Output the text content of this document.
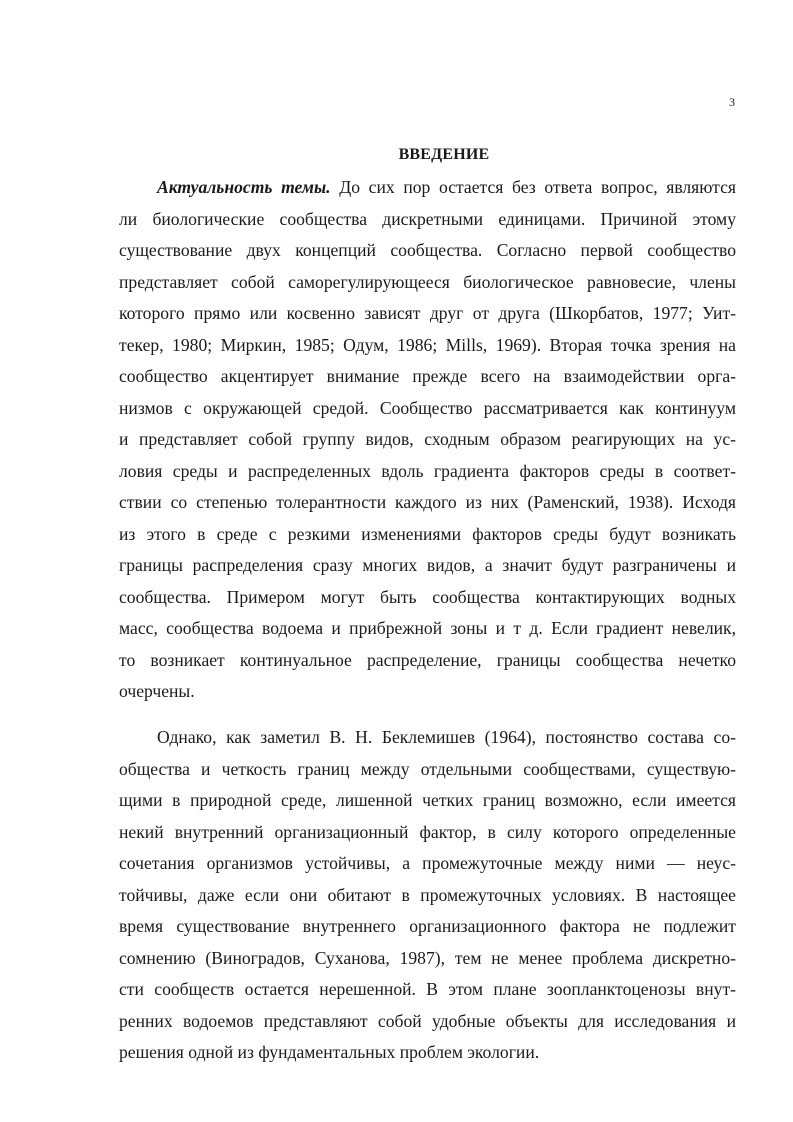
3
ВВЕДЕНИЕ
Актуальность темы. До сих пор остается без ответа вопрос, являются
ли биологические сообщества дискретными единицами. Причиной этому
существование двух концепций сообщества. Согласно первой сообщество
представляет собой саморегулирующееся биологическое равновесие, члены
которого прямо или косвенно зависят друг от друга (Шкорбатов, 1977; Уит-
текер, 1980; Миркин, 1985; Одум, 1986; Mills, 1969). Вторая точка зрения на
сообщество акцентирует внимание прежде всего на взаимодействии орга-
низмов с окружающей средой. Сообщество рассматривается как континуум
и представляет собой группу видов, сходным образом реагирующих на ус-
ловия среды и распределенных вдоль градиента факторов среды в соответ-
ствии со степенью толерантности каждого из них (Раменский, 1938). Исходя
из этого в среде с резкими изменениями факторов среды будут возникать
границы распределения сразу многих видов, а значит будут разграничены и
сообщества. Примером могут быть сообщества контактирующих водных
масс, сообщества водоема и прибрежной зоны и т д. Если градиент невелик,
то возникает континуальное распределение, границы сообщества нечетко
очерчены.
Однако, как заметил В. Н. Беклемишев (1964), постоянство состава со-
общества и четкость границ между отдельными сообществами, существую-
щими в природной среде, лишенной четких границ возможно, если имеется
некий внутренний организационный фактор, в силу которого определенные
сочетания организмов устойчивы, а промежуточные между ними — неус-
тойчивы, даже если они обитают в промежуточных условиях. В настоящее
время существование внутреннего организационного фактора не подлежит
сомнению (Виноградов, Суханова, 1987), тем не менее проблема дискретно-
сти сообществ остается нерешенной. В этом плане зоопланктоценозы внут-
ренних водоемов представляют собой удобные объекты для исследования и
решения одной из фундаментальных проблем экологии.
